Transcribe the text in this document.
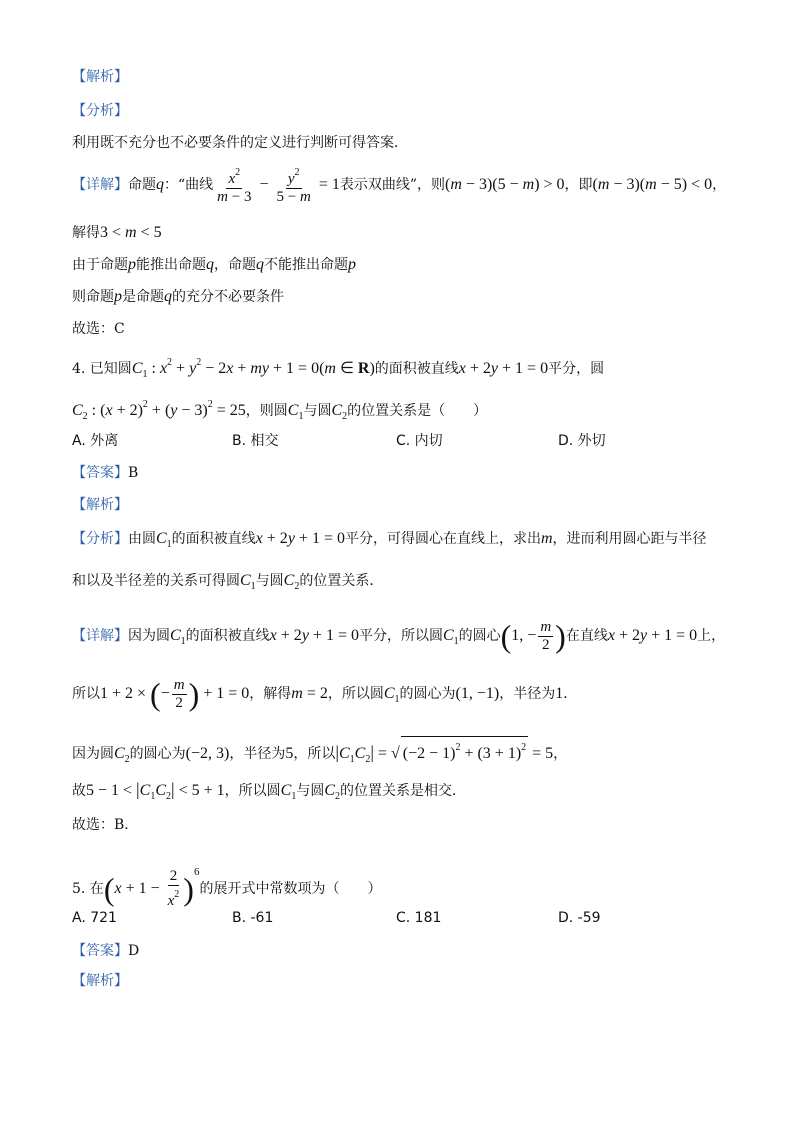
【解析】
【分析】
利用既不充分也不必要条件的定义进行判断可得答案．
【详解】命题q：“曲线 $\frac{x^2}{m - 3} - \frac{y^2}{5 - m} = 1$表示双曲线”，则(m − 3)(5 − m) > 0，即(m − 3)(m − 5) < 0，
解得3 < m < 5
由于命题p能推出命题q，命题q不能推出命题p
则命题p是命题q的充分不必要条件
故选：C
4. 已知圆$C_1$ : $x^2 + y^2 - 2x$ + my + 1 = 0(m ∈ R)的面积被直线x + 2y + 1 = 0平分，圆
$C_2$ : $(x + 2)^2 + (y - 3)^2 = 25$，则圆$C_1$与圆$C_2$的位置关系是（　　）
A. 外离	B. 相交	C. 内切	D. 外切
【答案】B
【解析】
【分析】由圆$C_1$的面积被直线x + 2y + 1 = 0平分，可得圆心在直线上，求出m，进而利用圆心距与半径
和以及半径差的关系可得圆$C_1$与圆$C_2$的位置关系．
【详解】因为圆$C_1$的面积被直线x + 2y + 1 = 0平分，所以圆$C_1$的圆心(1, − $\frac{m}{2}$ )在直线x + 2y + 1 = 0上，
所以1 + 2 × (− $\frac{m}{2}$ ) + 1 = 0，解得m = 2，所以圆$C_1$的圆心为(1, −1)，半径为1．
因为圆$C_2$的圆心为(−2, 3)，半径为5，所以$|C_1C_2|$ = √ $(-2 - 1)^2 + (3 + 1)^2 = 5$，
故$5 - 1 < |C_1C_2| < 5 + 1$，所以圆$C_1$与圆$C_2$的位置关系是相交．
故选：B．
5. 在$(x + 1 - \frac{2}{x^2} )^6$的展开式中常数项为（　　）
A. 721	B. -61	C. 181	D. -59
【答案】D
【解析】
